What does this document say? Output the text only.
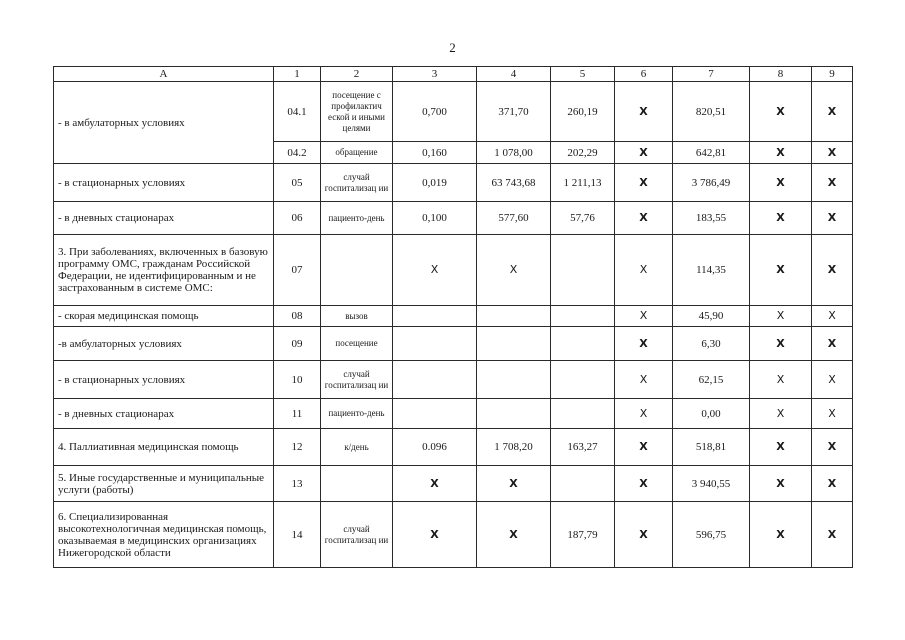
2
А	1	2	3	4	5	6	7	8	9
- в амбулаторных условиях	04.1	посещение с профилактич еской и иными целями	0,700	371,70	260,19	X	820,51	X	X
	04.2	обращение	0,160	1 078,00	202,29	X	642,81	X	X
- в стационарных условиях	05	случай госпитализац ии	0,019	63 743,68	1 211,13	X	3 786,49	X	X
- в дневных стационарах	06	пациенто-день	0,100	577,60	57,76	X	183,55	X	X
3. При заболеваниях, включенных в базовую программу ОМС, гражданам Российской Федерации, не идентифицированным и не застрахованным в системе ОМС:	07		X	X		X	114,35	X	X
- скорая медицинская помощь	08	вызов				X	45,90	X	X
-в амбулаторных условиях	09	посещение				X	6,30	X	X
- в стационарных условиях	10	случай госпитализац ии				X	62,15	X	X
- в дневных стационарах	11	пациенто-день				X	0,00	X	X
4. Паллиативная медицинская помощь	12	к/день	0.096	1 708,20	163,27	X	518,81	X	X
5. Иные государственные и муниципальные услуги (работы)	13		X	X		X	3 940,55	X	X
6. Специализированная высокотехнологичная медицинская помощь, оказываемая в медицинских организациях Нижегородской области	14	случай госпитализац ии	X	X	187,79	X	596,75	X	X
